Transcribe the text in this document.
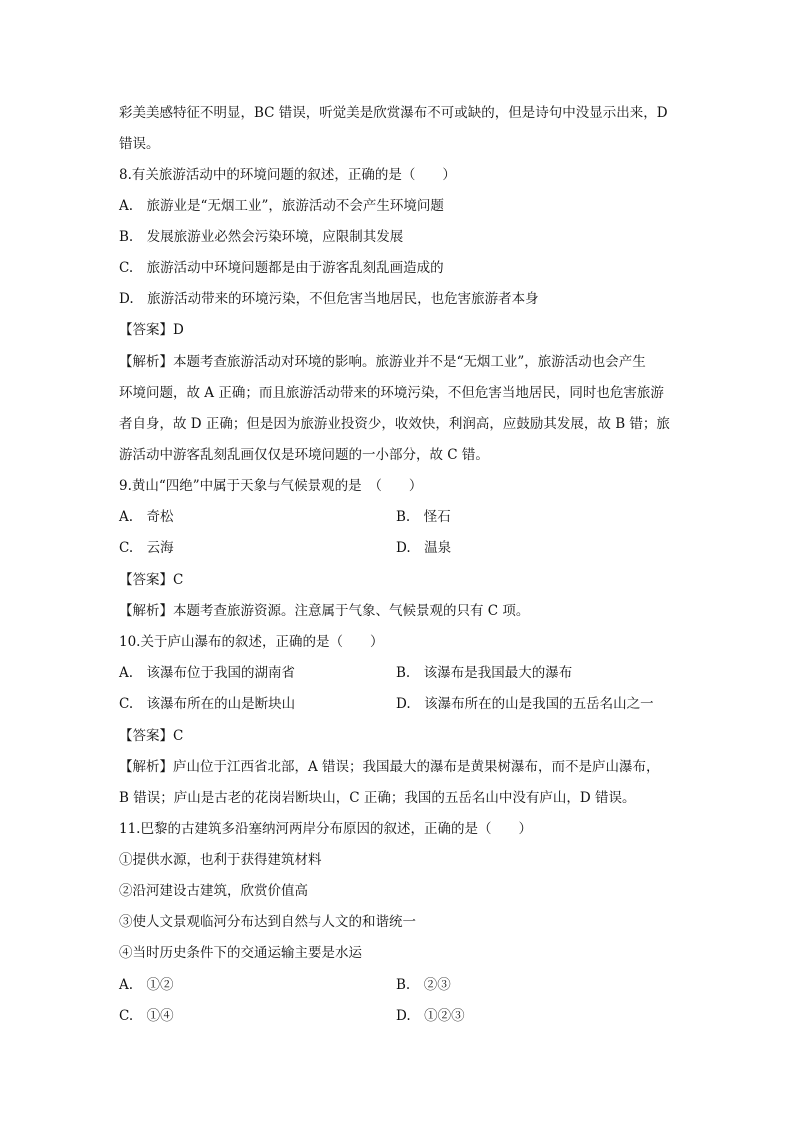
彩美美感特征不明显，BC 错误，听觉美是欣赏瀑布不可或缺的，但是诗句中没显示出来，D
错误。
8.有关旅游活动中的环境问题的叙述，正确的是（　　）
A.　旅游业是“无烟工业”，旅游活动不会产生环境问题
B.　发展旅游业必然会污染环境，应限制其发展
C.　旅游活动中环境问题都是由于游客乱刻乱画造成的
D.　旅游活动带来的环境污染，不但危害当地居民，也危害旅游者本身
【答案】D
【解析】本题考查旅游活动对环境的影响。旅游业并不是“无烟工业”，旅游活动也会产生
环境问题，故 A 正确；而且旅游活动带来的环境污染，不但危害当地居民，同时也危害旅游
者自身，故 D 正确；但是因为旅游业投资少，收效快，利润高，应鼓励其发展，故 B 错；旅
游活动中游客乱刻乱画仅仅是环境问题的一小部分，故 C 错。
9.黄山“四绝”中属于天象与气候景观的是　（　　）
A.　奇松	B.　怪石
C.　云海	D.　温泉
【答案】C
【解析】本题考查旅游资源。注意属于气象、气候景观的只有 C 项。
10.关于庐山瀑布的叙述，正确的是（　　）
A.　该瀑布位于我国的湖南省	B.　该瀑布是我国最大的瀑布
C.　该瀑布所在的山是断块山	D.　该瀑布所在的山是我国的五岳名山之一
【答案】C
【解析】庐山位于江西省北部，A 错误；我国最大的瀑布是黄果树瀑布，而不是庐山瀑布，
B 错误；庐山是古老的花岗岩断块山，C 正确；我国的五岳名山中没有庐山，D 错误。
11.巴黎的古建筑多沿塞纳河两岸分布原因的叙述，正确的是（　　）
①提供水源，也利于获得建筑材料
②沿河建设古建筑，欣赏价值高
③使人文景观临河分布达到自然与人文的和谐统一
④当时历史条件下的交通运输主要是水运
A.　①②	B.　②③
C.　①④	D.　①②③
